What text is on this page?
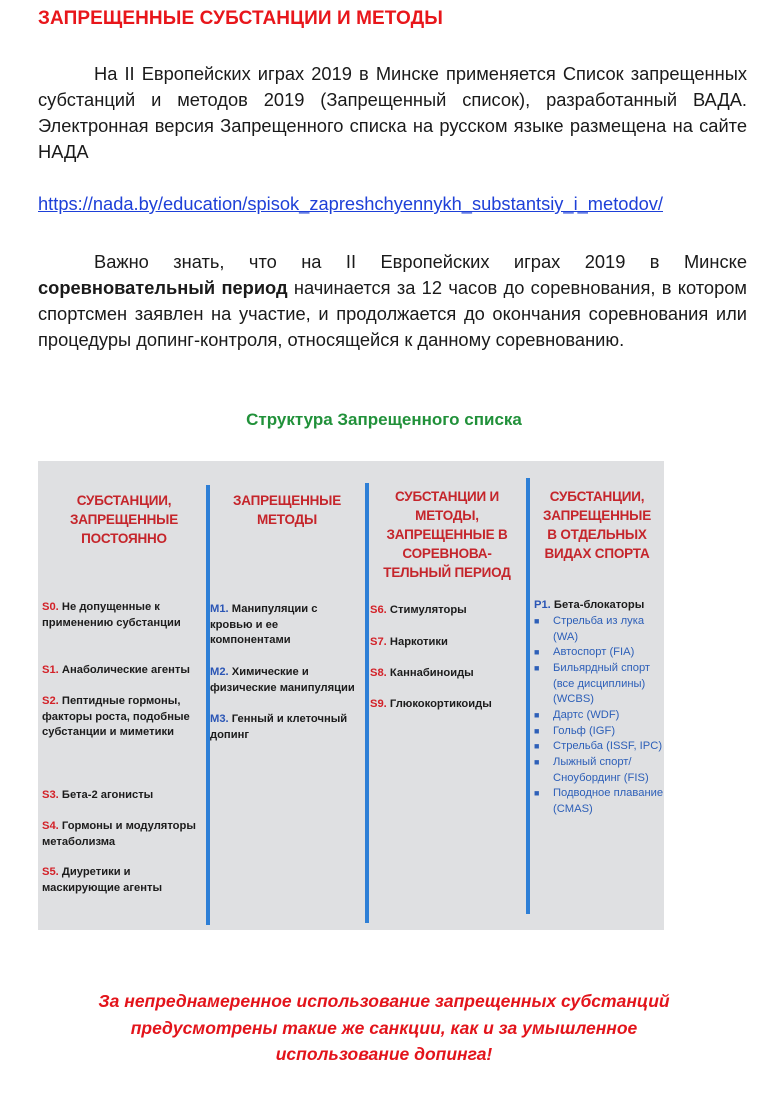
ЗАПРЕЩЕННЫЕ СУБСТАНЦИИ И МЕТОДЫ
На II Европейских играх 2019 в Минске применяется Список запрещенных субстанций и методов 2019 (Запрещенный список), разработанный ВАДА. Электронная версия Запрещенного списка на русском языке размещена на сайте НАДА
https://nada.by/education/spisok_zapreshchyennykh_substantsiy_i_metodov/
Важно знать, что на II Европейских играх 2019 в Минске соревновательный период начинается за 12 часов до соревнования, в котором спортсмен заявлен на участие, и продолжается до окончания соревнования или процедуры допинг-контроля, относящейся к данному соревнованию.
Структура Запрещенного списка
СУБСТАНЦИИ,
ЗАПРЕЩЕННЫЕ
ПОСТОЯННО
ЗАПРЕЩЕННЫЕ
МЕТОДЫ
СУБСТАНЦИИ И
МЕТОДЫ,
ЗАПРЕЩЕННЫЕ В
СОРЕВНОВА-
ТЕЛЬНЫЙ ПЕРИОД
СУБСТАНЦИИ,
ЗАПРЕЩЕННЫЕ
В ОТДЕЛЬНЫХ
ВИДАХ СПОРТА
S0. Не допущенные к применению субстанции
S1. Анаболические агенты
S2. Пептидные гормоны, факторы роста, подобные субстанции и миметики
S3. Бета-2 агонисты
S4. Гормоны и модуляторы метаболизма
S5. Диуретики и маскирующие агенты
M1. Манипуляции с кровью и ее компонентами
M2. Химические и физические манипуляции
M3. Генный и клеточный допинг
S6. Стимуляторы
S7. Наркотики
S8. Каннабиноиды
S9. Глюкокортикоиды
P1. Бета-блокаторы
■ Стрельба из лука (WA)
■ Автоспорт (FIA)
■ Бильярдный спорт (все дисциплины) (WCBS)
■ Дартс (WDF)
■ Гольф (IGF)
■ Стрельба (ISSF, IPC)
■ Лыжный спорт/ Сноубординг (FIS)
■ Подводное плавание (CMAS)
За непреднамеренное использование запрещенных субстанций
предусмотрены такие же санкции, как и за умышленное
использование допинга!
